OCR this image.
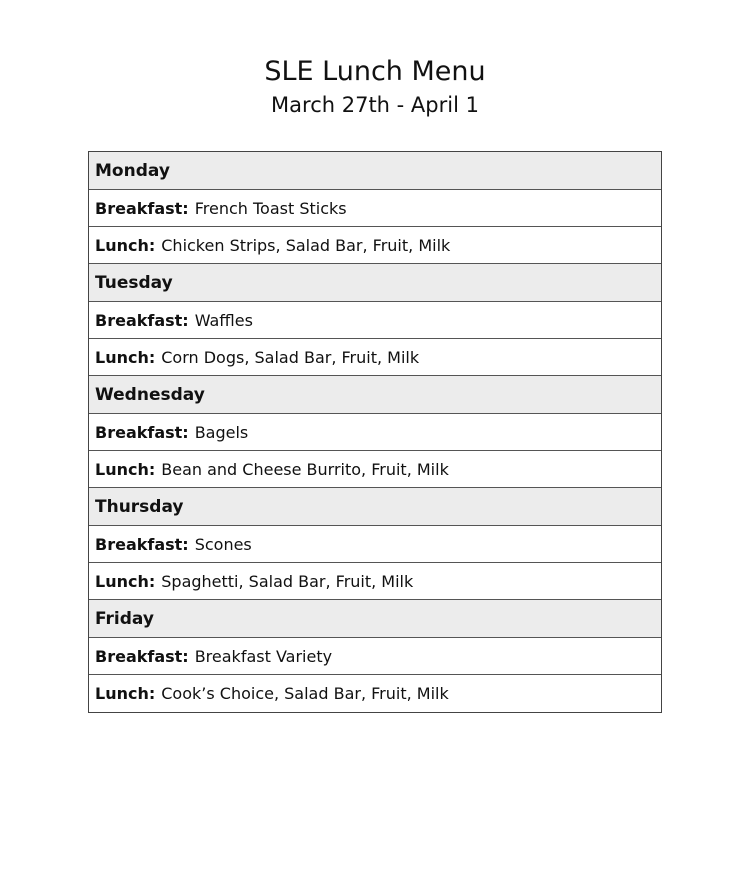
SLE Lunch Menu
March 27th - April 1
Monday
Breakfast: French Toast Sticks
Lunch: Chicken Strips, Salad Bar, Fruit, Milk
Tuesday
Breakfast: Waffles
Lunch: Corn Dogs, Salad Bar, Fruit, Milk
Wednesday
Breakfast: Bagels
Lunch: Bean and Cheese Burrito, Fruit, Milk
Thursday
Breakfast: Scones
Lunch: Spaghetti, Salad Bar, Fruit, Milk
Friday
Breakfast: Breakfast Variety
Lunch: Cook’s Choice, Salad Bar, Fruit, Milk
